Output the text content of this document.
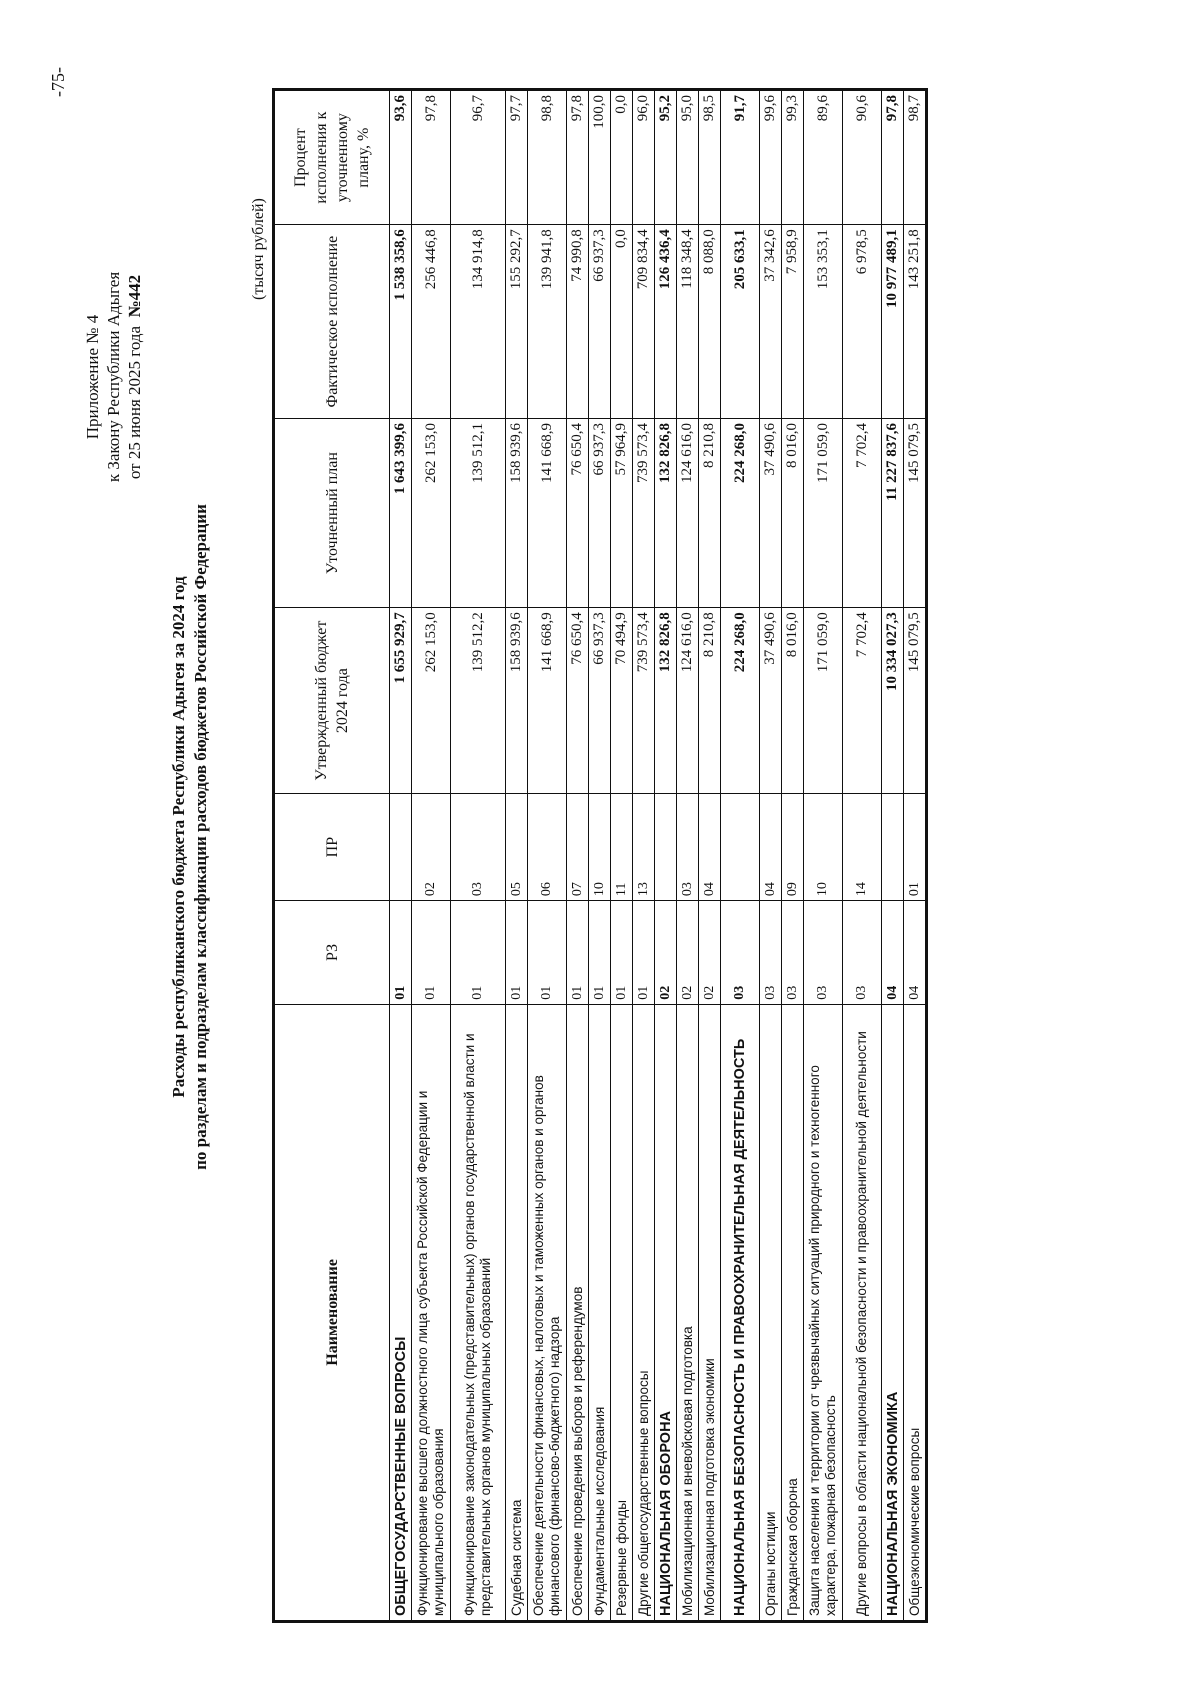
-75-
Приложение № 4 к Закону Республики Адыгея от 25 июня 2025 года  №442
Расходы республиканского бюджета Республики Адыгея за 2024 год по разделам и подразделам классификации расходов бюджетов Российской Федерации
(тысяч рублей)
Наименование	РЗ	ПР	Утвержденный бюджет 2024 года	Уточненный план	Фактическое исполнение	Процент исполнения к уточненному плану, %
ОБЩЕГОСУДАРСТВЕННЫЕ ВОПРОСЫ	01		1 655 929,7	1 643 399,6	1 538 358,6	93,6
Функционирование высшего должностного лица субъекта Российской Федерации и муниципального образования	01	02	262 153,0	262 153,0	256 446,8	97,8
Функционирование законодательных (представительных) органов государственной власти и представительных органов муниципальных образований	01	03	139 512,2	139 512,1	134 914,8	96,7
Судебная система	01	05	158 939,6	158 939,6	155 292,7	97,7
Обеспечение деятельности финансовых, налоговых и таможенных органов и органов финансового (финансово-бюджетного) надзора	01	06	141 668,9	141 668,9	139 941,8	98,8
Обеспечение проведения выборов и референдумов	01	07	76 650,4	76 650,4	74 990,8	97,8
Фундаментальные исследования	01	10	66 937,3	66 937,3	66 937,3	100,0
Резервные фонды	01	11	70 494,9	57 964,9	0,0	0,0
Другие общегосударственные вопросы	01	13	739 573,4	739 573,4	709 834,4	96,0
НАЦИОНАЛЬНАЯ ОБОРОНА	02		132 826,8	132 826,8	126 436,4	95,2
Мобилизационная и вневойсковая подготовка	02	03	124 616,0	124 616,0	118 348,4	95,0
Мобилизационная подготовка экономики	02	04	8 210,8	8 210,8	8 088,0	98,5
НАЦИОНАЛЬНАЯ БЕЗОПАСНОСТЬ И ПРАВООХРАНИТЕЛЬНАЯ ДЕЯТЕЛЬНОСТЬ	03		224 268,0	224 268,0	205 633,1	91,7
Органы юстиции	03	04	37 490,6	37 490,6	37 342,6	99,6
Гражданская оборона	03	09	8 016,0	8 016,0	7 958,9	99,3
Защита населения и территории от чрезвычайных ситуаций природного и техногенного характера, пожарная безопасность	03	10	171 059,0	171 059,0	153 353,1	89,6
Другие вопросы в области национальной безопасности и правоохранительной деятельности	03	14	7 702,4	7 702,4	6 978,5	90,6
НАЦИОНАЛЬНАЯ ЭКОНОМИКА	04		10 334 027,3	11 227 837,6	10 977 489,1	97,8
Общеэкономические вопросы	04	01	145 079,5	145 079,5	143 251,8	98,7
